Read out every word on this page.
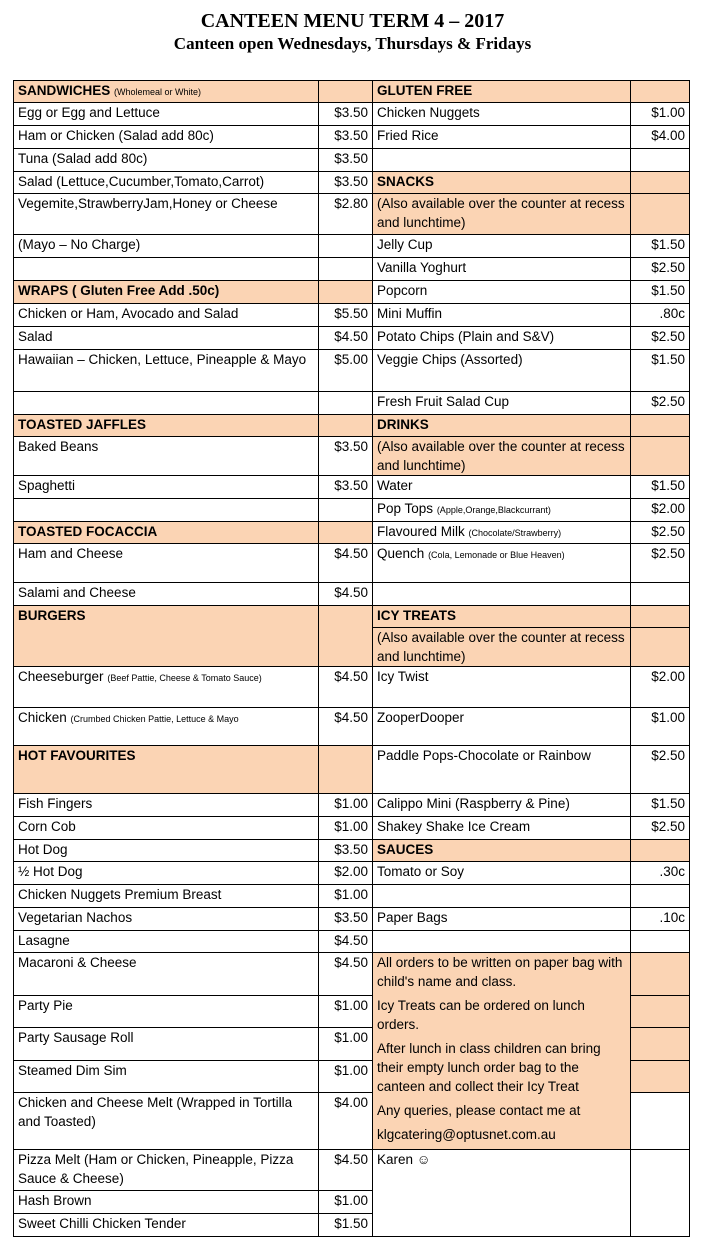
CANTEEN MENU TERM 4 – 2017
Canteen open Wednesdays, Thursdays & Fridays
SANDWICHES (Wholemeal or White)		GLUTEN FREE	
Egg or Egg and Lettuce	$3.50	Chicken Nuggets	$1.00
Ham or Chicken (Salad add 80c)	$3.50	Fried Rice	$4.00
Tuna (Salad add 80c)	$3.50		
Salad (Lettuce,Cucumber,Tomato,Carrot)	$3.50	SNACKS	
Vegemite,StrawberryJam,Honey or Cheese	$2.80	(Also available over the counter at recess and lunchtime)	
(Mayo – No Charge)		Jelly Cup	$1.50
		Vanilla Yoghurt	$2.50
WRAPS ( Gluten Free Add .50c)		Popcorn	$1.50
Chicken or Ham, Avocado and Salad	$5.50	Mini Muffin	.80c
Salad	$4.50	Potato Chips (Plain and S&V)	$2.50
Hawaiian – Chicken, Lettuce, Pineapple & Mayo	$5.00	Veggie Chips (Assorted)	$1.50
		Fresh Fruit Salad Cup	$2.50
TOASTED JAFFLES		DRINKS	
Baked Beans	$3.50	(Also available over the counter at recess and lunchtime)	
Spaghetti	$3.50	Water	$1.50
		Pop Tops (Apple,Orange,Blackcurrant)	$2.00
TOASTED FOCACCIA		Flavoured Milk (Chocolate/Strawberry)	$2.50
Ham and Cheese	$4.50	Quench (Cola, Lemonade or Blue Heaven)	$2.50
Salami and Cheese	$4.50		
BURGERS		ICY TREATS	
		(Also available over the counter at recess and lunchtime)	
Cheeseburger (Beef Pattie, Cheese & Tomato Sauce)	$4.50	Icy Twist	$2.00
Chicken (Crumbed Chicken Pattie, Lettuce & Mayo	$4.50	ZooperDooper	$1.00
HOT FAVOURITES		Paddle Pops-Chocolate or Rainbow	$2.50
Fish Fingers	$1.00	Calippo Mini (Raspberry & Pine)	$1.50
Corn Cob	$1.00	Shakey Shake Ice Cream	$2.50
Hot Dog	$3.50	SAUCES	
½ Hot Dog	$2.00	Tomato or Soy	.30c
Chicken Nuggets Premium Breast	$1.00		
Vegetarian Nachos	$3.50	Paper Bags	.10c
Lasagne	$4.50		
Macaroni & Cheese	$4.50	All orders to be written on paper bag with child's name and class.
Icy Treats can be ordered on lunch orders.
After lunch in class children can bring their empty lunch order bag to the canteen and collect their Icy Treat
Any queries, please contact me at
klgcatering@optusnet.com.au	

Party Pie	$1.00		
Party Sausage Roll	$1.00		
Steamed Dim Sim	$1.00		
Chicken and Cheese Melt (Wrapped in Tortilla and Toasted)	$4.00		
Pizza Melt (Ham or Chicken, Pineapple, Pizza Sauce & Cheese)	$4.50	Karen ☺	
Hash Brown	$1.00		
Sweet Chilli Chicken Tender	$1.50		
